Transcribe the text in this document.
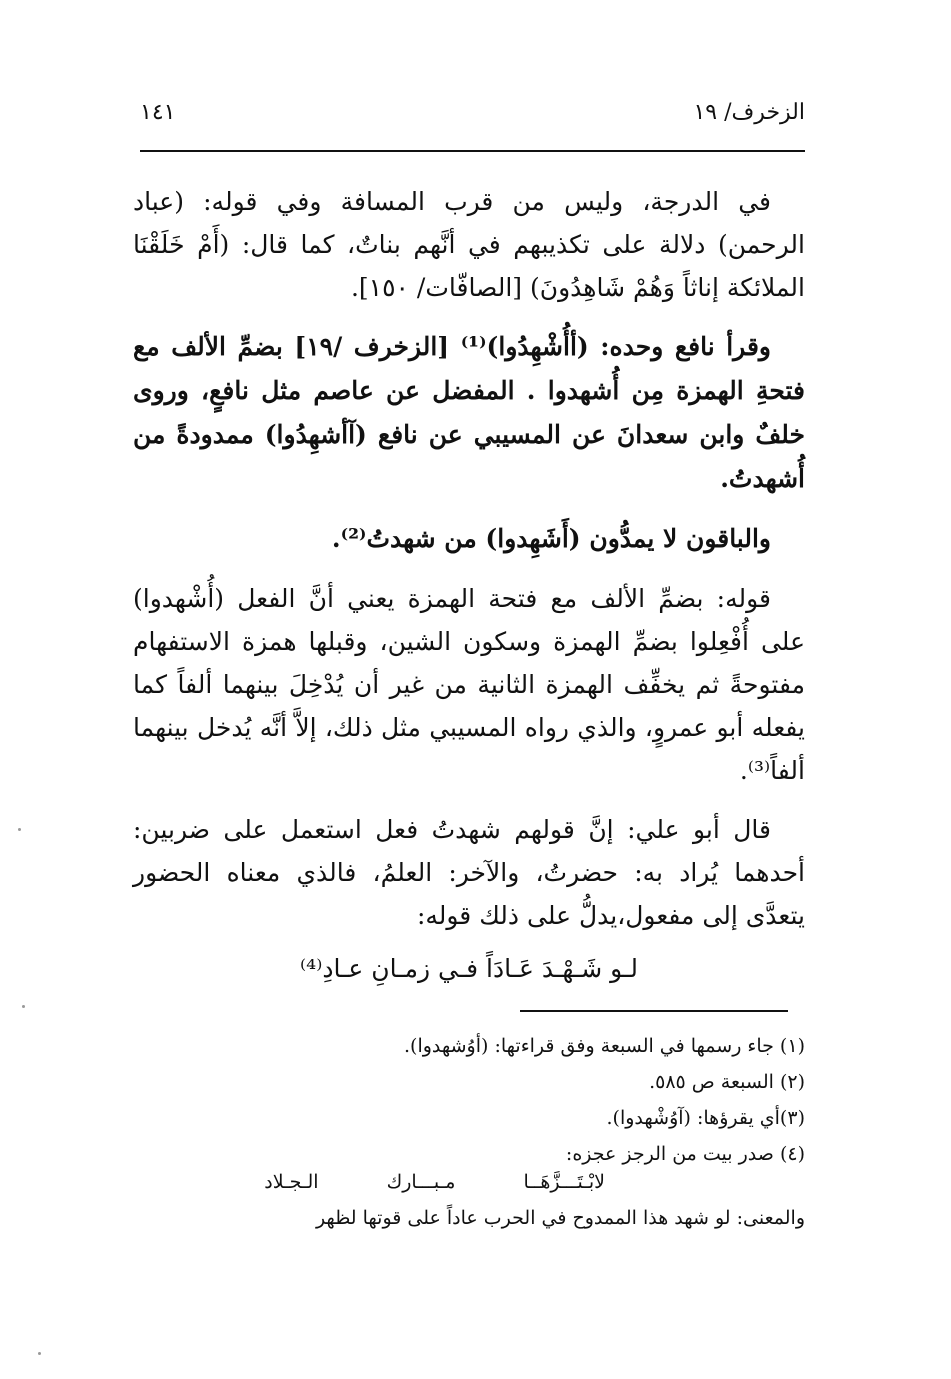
الزخرف/ ١٩
١٤١

في الدرجة، وليس من قرب المسافة وفي قوله: (عباد الرحمن) دلالة على تكذيبهم في أنَّهم بناتٌ، كما قال: (أَمْ خَلَقْنَا الملائكة إناثاً وَهُمْ شَاهِدُونَ) [الصافّات/ ١٥٠].

وقرأ نافع وحده: (أأُشْهِدُوا)⁽¹⁾ [الزخرف /١٩] بضمِّ الألف مع فتحةِ الهمزة مِن أُشهدوا . المفضل عن عاصم مثل نافعٍ، وروى خلفٌ وابن سعدانَ عن المسيبي عن نافع (آأشهِدُوا) ممدودةً من أُشهدتُ.

والباقون لا يمدُّون (أَشَهِدوا) من شهدتُ⁽²⁾.

قوله: بضمِّ الألف مع فتحة الهمزة يعني أنَّ الفعل (أُشْهدوا) على أُفْعِلوا بضمِّ الهمزة وسكون الشين، وقبلها همزة الاستفهام مفتوحةً ثم يخفِّف الهمزة الثانية من غير أن يُدْخِلَ بينهما ألفاً كما يفعله أبو عمروٍ، والذي رواه المسيبي مثل ذلك، إلاَّ أنَّه يُدخل بينهما ألفاً⁽³⁾.

قال أبو علي: إنَّ قولهم شهدتُ فعل استعمل على ضربين: أحدهما يُراد به: حضرتُ، والآخر: العلمُ، فالذي معناه الحضور يتعدَّى إلى مفعول،يدلُّ على ذلك قوله:

لـو شَـهْـدَ عَـادَاً فـي زمـانِ عـادِ⁽⁴⁾

(١) جاء رسمها في السبعة وفق قراءتها: (أوُشهدوا).

(٢) السبعة ص ٥٨٥.

(٣)أي يقرؤها: (آوُشْهدوا).

(٤) صدر بيت من الرجز عجزه:

لابْـتَـــزَّهَــا مـبـــارك الـجـلاد

والمعنى: لو شهد هذا الممدوح في الحرب عاداً على قوتها لظهر
